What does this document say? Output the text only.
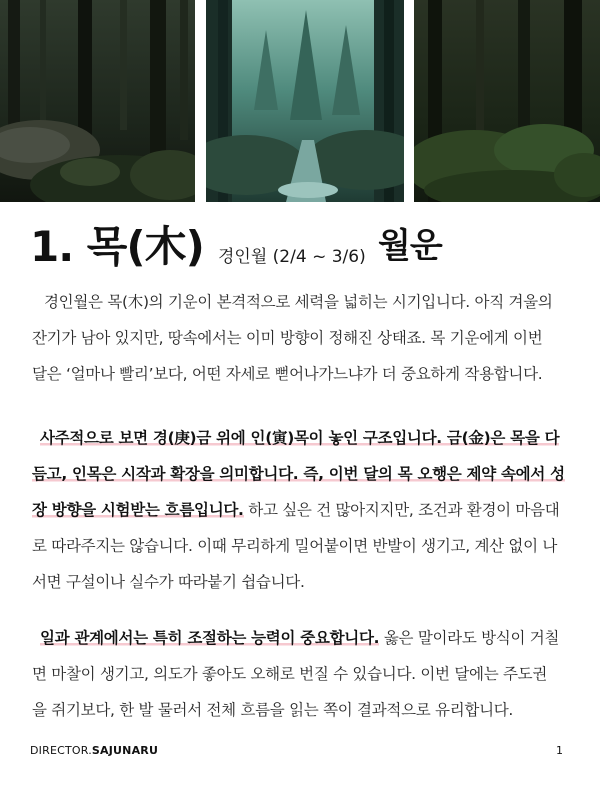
1. 목(木) 경인월 (2/4 ~ 3/6) 월운
경인월은 목(木)의 기운이 본격적으로 세력을 넓히는 시기입니다. 아직 겨울의
잔기가 남아 있지만, 땅속에서는 이미 방향이 정해진 상태죠. 목 기운에게 이번
달은 ‘얼마나 빨리’보다, 어떤 자세로 뻗어나가느냐가 더 중요하게 작용합니다.
사주적으로 보면 경(庚)금 위에 인(寅)목이 놓인 구조입니다. 금(金)은 목을 다
듬고, 인목은 시작과 확장을 의미합니다. 즉, 이번 달의 목 오행은 제약 속에서 성
장 방향을 시험받는 흐름입니다. 하고 싶은 건 많아지지만, 조건과 환경이 마음대
로 따라주지는 않습니다. 이때 무리하게 밀어붙이면 반발이 생기고, 계산 없이 나
서면 구설이나 실수가 따라붙기 쉽습니다.
일과 관계에서는 특히 조절하는 능력이 중요합니다. 옳은 말이라도 방식이 거칠
면 마찰이 생기고, 의도가 좋아도 오해로 번질 수 있습니다. 이번 달에는 주도권
을 쥐기보다, 한 발 물러서 전체 흐름을 읽는 쪽이 결과적으로 유리합니다.
DIRECTOR.SAJUNARU	1
